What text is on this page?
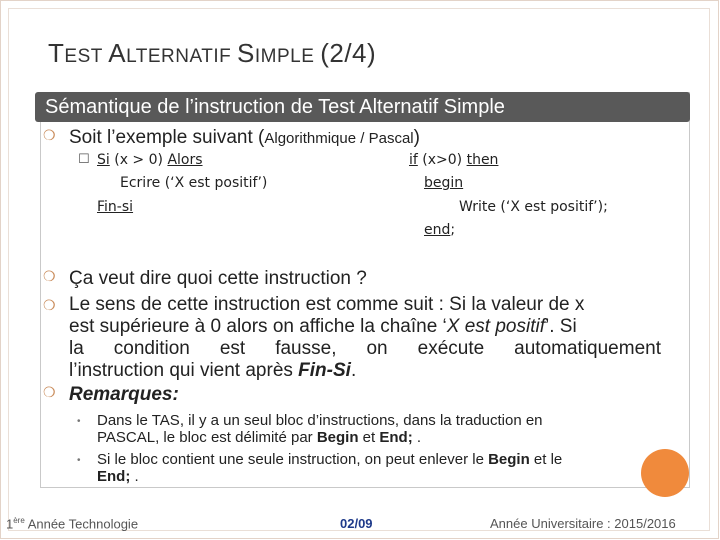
TEST ALTERNATIF SIMPLE (2/4)
Sémantique de l’instruction de Test Alternatif Simple
❍ Soit l’exemple suivant (Algorithmique / Pascal)
☐ Si (x > 0) Alors
Ecrire (‘X est positif’)
Fin-si
if (x>0) then
begin
Write (‘X est positif’);
end;
❍ Ça veut dire quoi cette instruction ?
❍ Le sens de cette instruction est comme suit : Si la valeur de x
est supérieure à 0 alors on affiche la chaîne ‘X est positif’. Si
la condition est fausse, on exécute automatiquement
l’instruction qui vient après Fin-Si.
❍ Remarques:
• Dans le TAS, il y a un seul bloc d’instructions, dans la traduction en
PASCAL, le bloc est délimité par Begin et End; .
• Si le bloc contient une seule instruction, on peut enlever le Begin et le
End; .
1ère Année Technologie	02/09	Année Universitaire : 2015/2016
